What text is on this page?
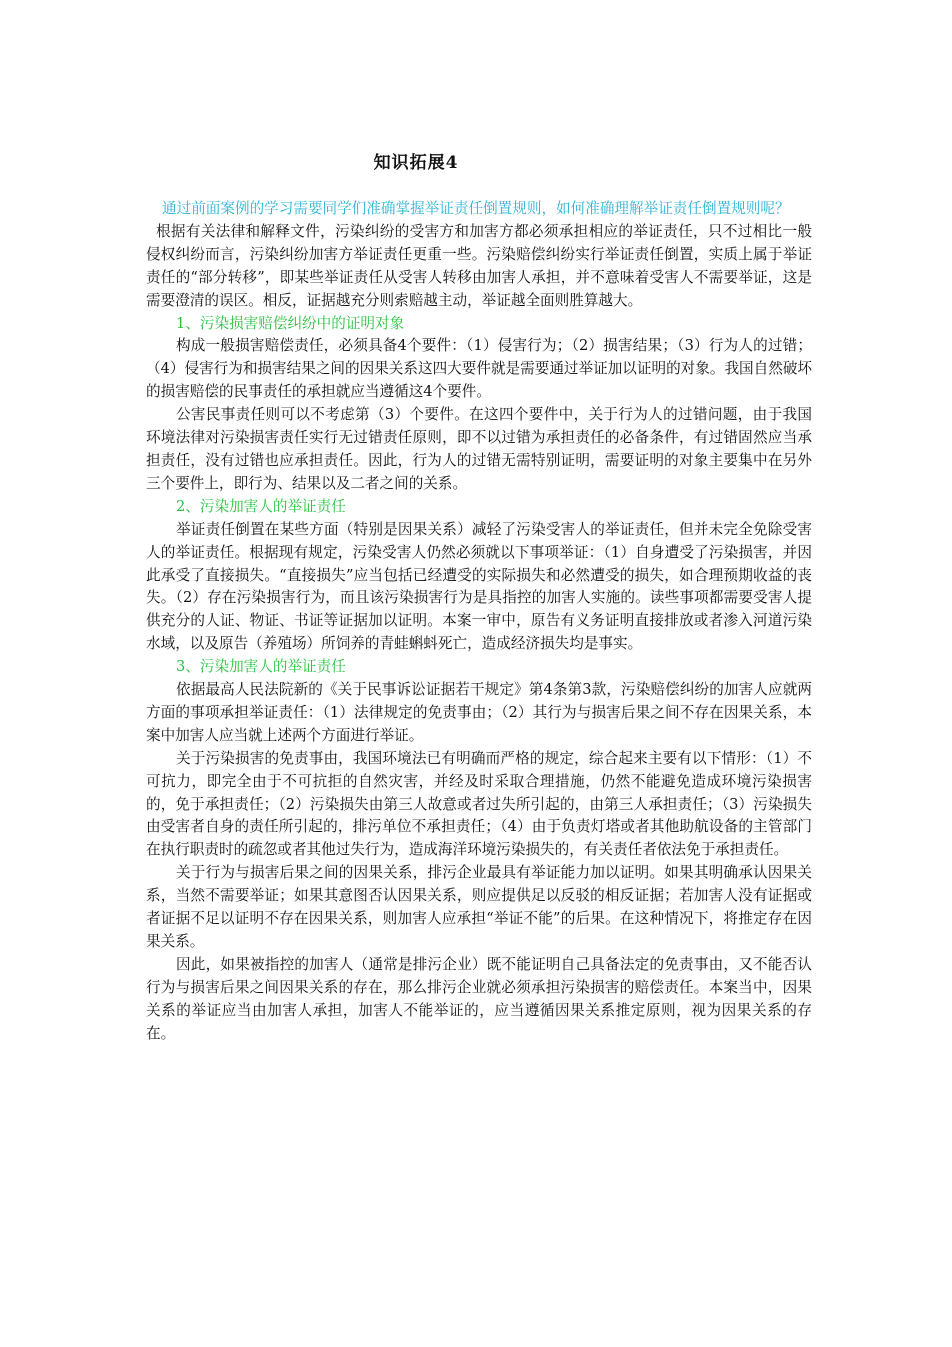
知识拓展4

通过前面案例的学习需要同学们准确掌握举证责任倒置规则，如何准确理解举证责任倒置规则呢？

根据有关法律和解释文件，污染纠纷的受害方和加害方都必须承担相应的举证责任，只不过相比一般侵权纠纷而言，污染纠纷加害方举证责任更重一些。污染赔偿纠纷实行举证责任倒置，实质上属于举证责任的“部分转移”，即某些举证责任从受害人转移由加害人承担，并不意味着受害人不需要举证，这是需要澄清的误区。相反，证据越充分则索赔越主动，举证越全面则胜算越大。

1、污染损害赔偿纠纷中的证明对象

构成一般损害赔偿责任，必须具备4个要件：（1）侵害行为；（2）损害结果；（3）行为人的过错；（4）侵害行为和损害结果之间的因果关系这四大要件就是需要通过举证加以证明的对象。我国自然破坏的损害赔偿的民事责任的承担就应当遵循这4个要件。

公害民事责任则可以不考虑第（3）个要件。在这四个要件中，关于行为人的过错问题，由于我国环境法律对污染损害责任实行无过错责任原则，即不以过错为承担责任的必备条件，有过错固然应当承担责任，没有过错也应承担责任。因此，行为人的过错无需特别证明，需要证明的对象主要集中在另外三个要件上，即行为、结果以及二者之间的关系。

2、污染加害人的举证责任

举证责任倒置在某些方面（特别是因果关系）减轻了污染受害人的举证责任，但并未完全免除受害人的举证责任。根据现有规定，污染受害人仍然必须就以下事项举证：（1）自身遭受了污染损害，并因此承受了直接损失。“直接损失”应当包括已经遭受的实际损失和必然遭受的损失，如合理预期收益的丧失。（2）存在污染损害行为，而且该污染损害行为是具指控的加害人实施的。读些事项都需要受害人提供充分的人证、物证、书证等证据加以证明。本案一审中，原告有义务证明直接排放或者渗入河道污染水域，以及原告（养殖场）所饲养的青蛙蝌蚪死亡，造成经济损失均是事实。

3、污染加害人的举证责任

依据最高人民法院新的《关于民事诉讼证据若干规定》第4条第3款，污染赔偿纠纷的加害人应就两方面的事项承担举证责任：（1）法律规定的免责事由；（2）其行为与损害后果之间不存在因果关系，本案中加害人应当就上述两个方面进行举证。

关于污染损害的免责事由，我国环境法已有明确而严格的规定，综合起来主要有以下情形：（1）不可抗力，即完全由于不可抗拒的自然灾害，并经及时采取合理措施，仍然不能避免造成环境污染损害的，免于承担责任；（2）污染损失由第三人故意或者过失所引起的，由第三人承担责任；（3）污染损失由受害者自身的责任所引起的，排污单位不承担责任；（4）由于负责灯塔或者其他助航设备的主管部门在执行职责时的疏忽或者其他过失行为，造成海洋环境污染损失的，有关责任者依法免于承担责任。

关于行为与损害后果之间的因果关系，排污企业最具有举证能力加以证明。如果其明确承认因果关系，当然不需要举证；如果其意图否认因果关系，则应提供足以反驳的相反证据；若加害人没有证据或者证据不足以证明不存在因果关系，则加害人应承担“举证不能”的后果。在这种情况下，将推定存在因果关系。

因此，如果被指控的加害人（通常是排污企业）既不能证明自己具备法定的免责事由，又不能否认行为与损害后果之间因果关系的存在，那么排污企业就必须承担污染损害的赔偿责任。本案当中，因果关系的举证应当由加害人承担，加害人不能举证的，应当遵循因果关系推定原则，视为因果关系的存在。
